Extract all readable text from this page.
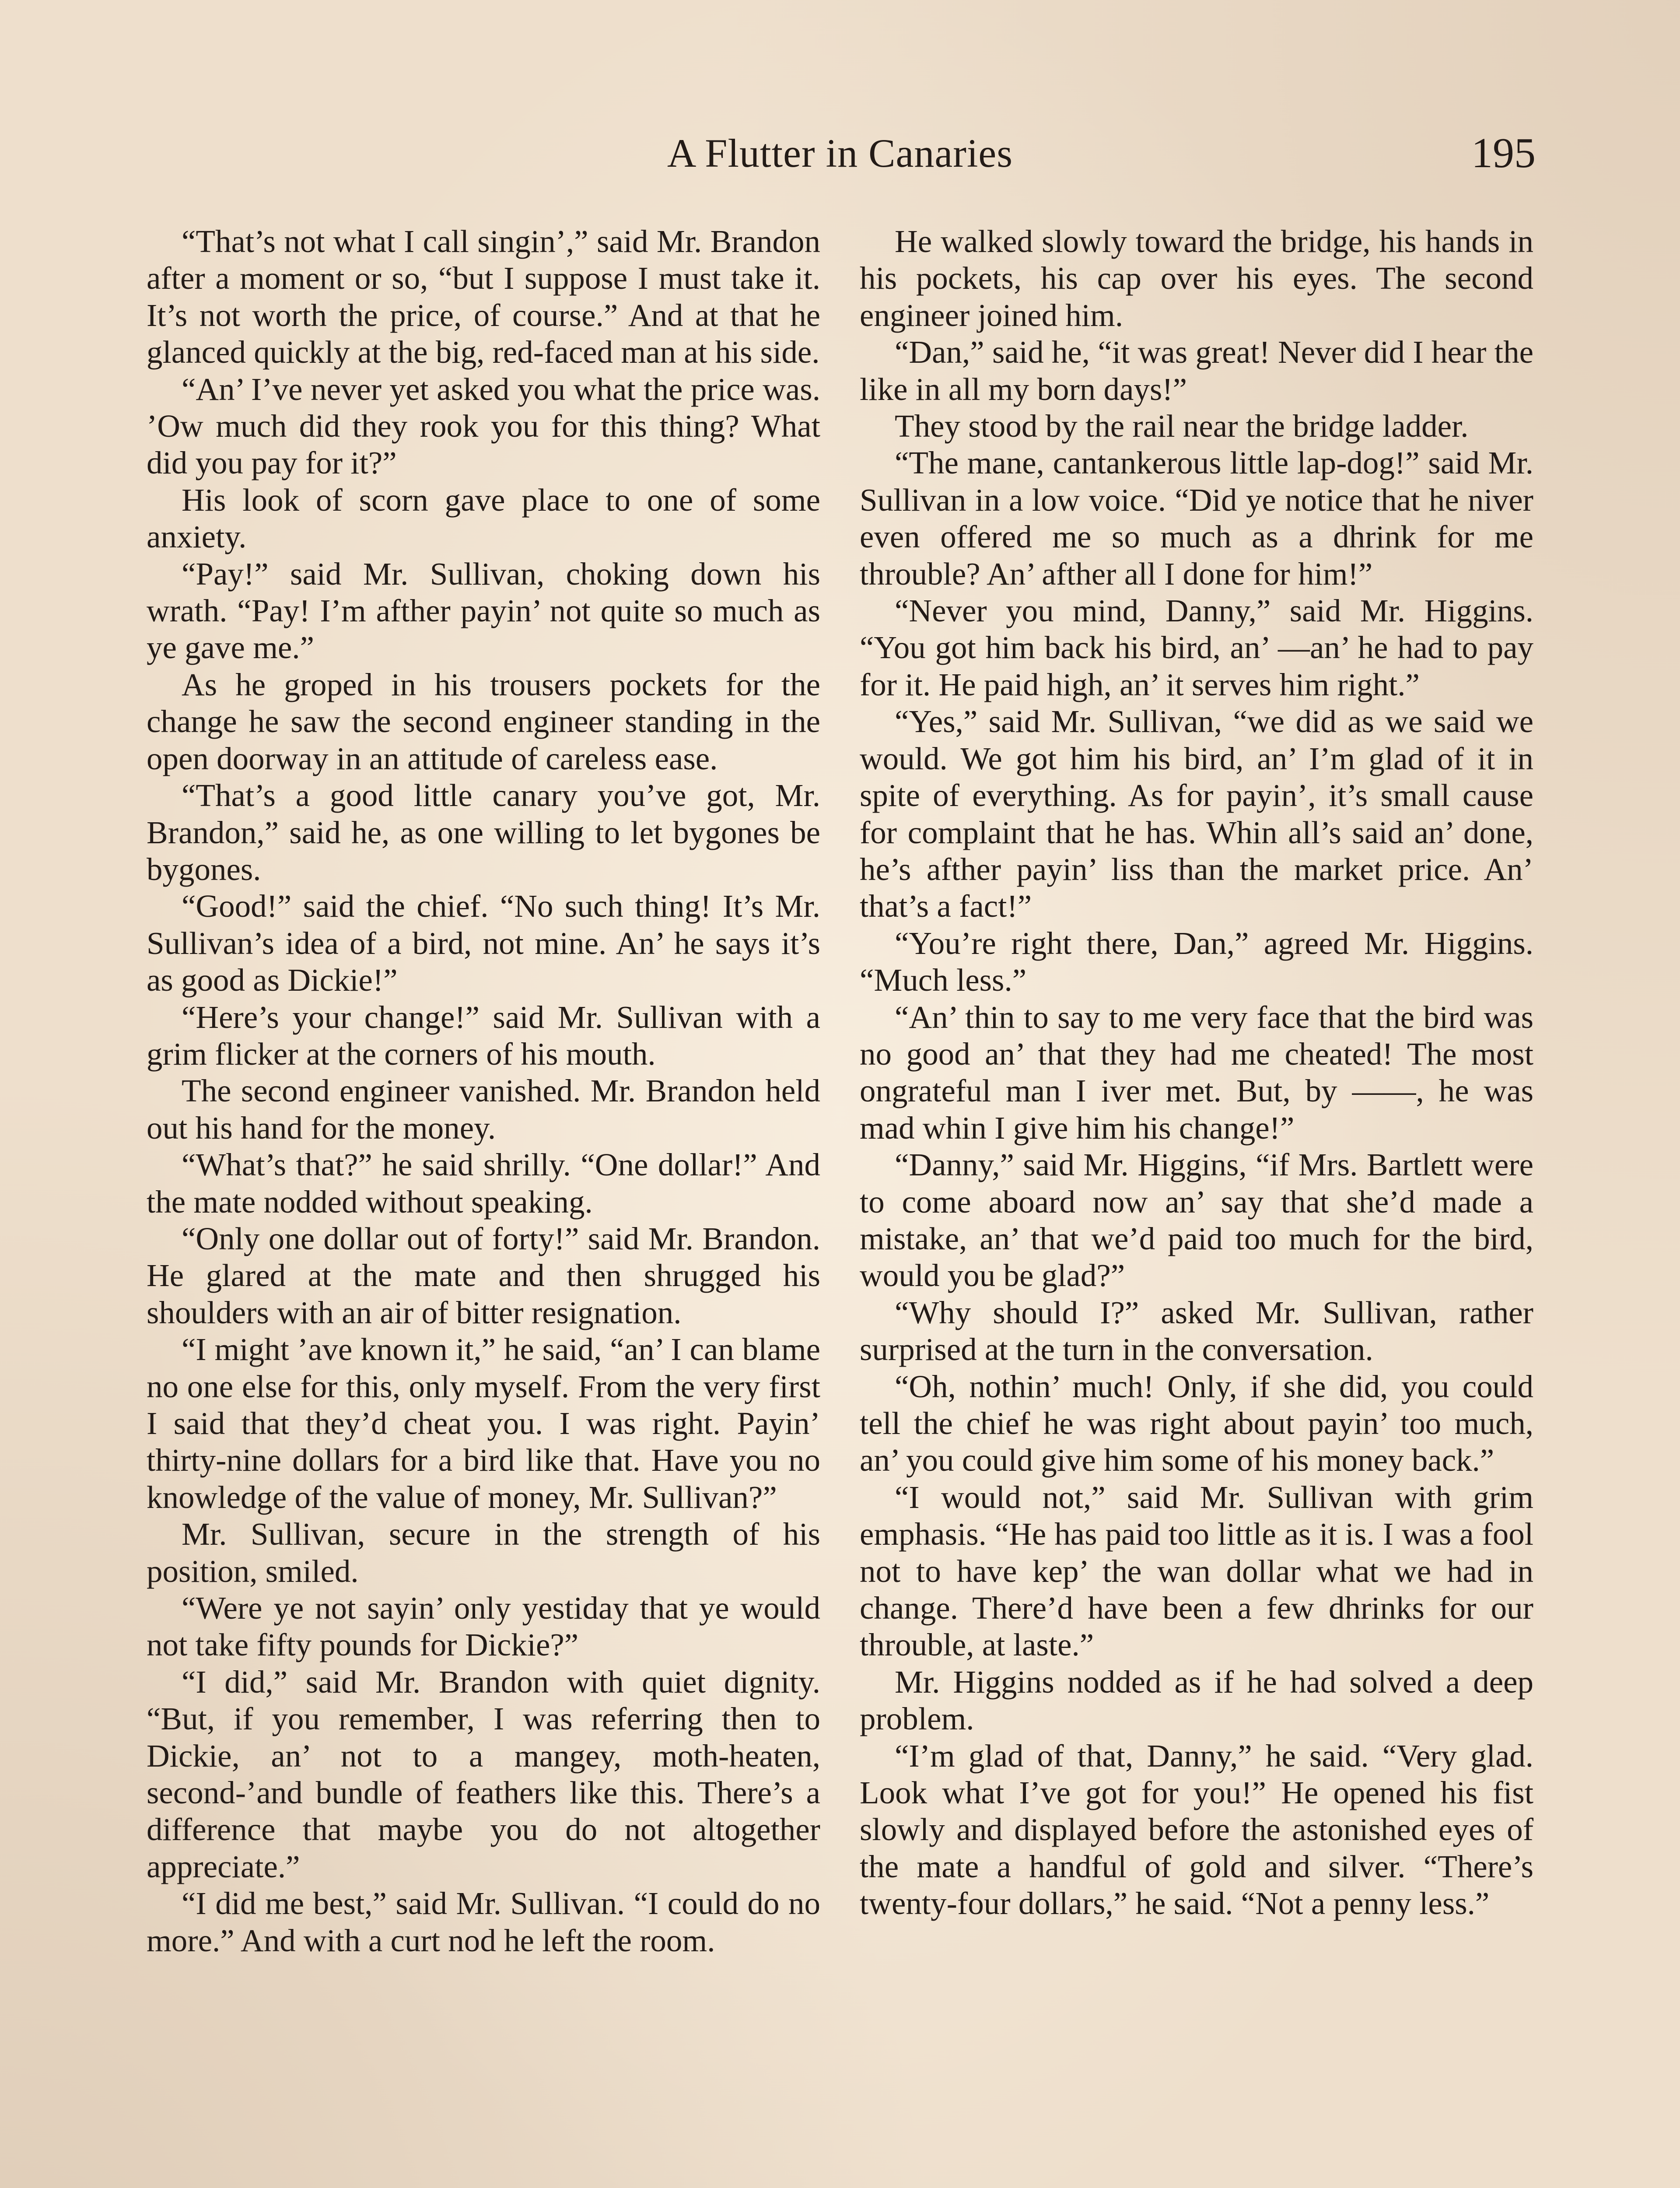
A Flutter in Canaries	195

“That’s not what I call singin’,” said Mr. Brandon after a moment or so, “but I suppose I must take it. It’s not worth the price, of course.” And at that he glanced quickly at the big, red-faced man at his side.

“An’ I’ve never yet asked you what the price was. ’Ow much did they rook you for this thing? What did you pay for it?”

His look of scorn gave place to one of some anxiety.

“Pay!” said Mr. Sullivan, choking down his wrath. “Pay! I’m afther payin’ not quite so much as ye gave me.”

As he groped in his trousers pockets for the change he saw the second engineer standing in the open doorway in an attitude of careless ease.

“That’s a good little canary you’ve got, Mr. Brandon,” said he, as one willing to let bygones be bygones.

“Good!” said the chief. “No such thing! It’s Mr. Sullivan’s idea of a bird, not mine. An’ he says it’s as good as Dickie!”

“Here’s your change!” said Mr. Sullivan with a grim flicker at the corners of his mouth.

The second engineer vanished. Mr. Brandon held out his hand for the money.

“What’s that?” he said shrilly. “One dollar!” And the mate nodded without speaking.

“Only one dollar out of forty!” said Mr. Brandon. He glared at the mate and then shrugged his shoulders with an air of bitter resignation.

“I might ’ave known it,” he said, “an’ I can blame no one else for this, only myself. From the very first I said that they’d cheat you. I was right. Payin’ thirty-nine dollars for a bird like that. Have you no knowledge of the value of money, Mr. Sullivan?”

Mr. Sullivan, secure in the strength of his position, smiled.

“Were ye not sayin’ only yestiday that ye would not take fifty pounds for Dickie?”

“I did,” said Mr. Brandon with quiet dignity. “But, if you remember, I was referring then to Dickie, an’ not to a mangey, moth-heaten, second-’and bundle of feathers like this. There’s a difference that maybe you do not altogether appreciate.”

“I did me best,” said Mr. Sullivan. “I could do no more.” And with a curt nod he left the room.

He walked slowly toward the bridge, his hands in his pockets, his cap over his eyes. The second engineer joined him.

“Dan,” said he, “it was great! Never did I hear the like in all my born days!”

They stood by the rail near the bridge ladder.

“The mane, cantankerous little lap-dog!” said Mr. Sullivan in a low voice. “Did ye notice that he niver even offered me so much as a dhrink for me throuble? An’ afther all I done for him!”

“Never you mind, Danny,” said Mr. Higgins. “You got him back his bird, an’ —an’ he had to pay for it. He paid high, an’ it serves him right.”

“Yes,” said Mr. Sullivan, “we did as we said we would. We got him his bird, an’ I’m glad of it in spite of everything. As for payin’, it’s small cause for complaint that he has. Whin all’s said an’ done, he’s afther payin’ liss than the market price. An’ that’s a fact!”

“You’re right there, Dan,” agreed Mr. Higgins. “Much less.”

“An’ thin to say to me very face that the bird was no good an’ that they had me cheated! The most ongrateful man I iver met. But, by ——, he was mad whin I give him his change!”

“Danny,” said Mr. Higgins, “if Mrs. Bartlett were to come aboard now an’ say that she’d made a mistake, an’ that we’d paid too much for the bird, would you be glad?”

“Why should I?” asked Mr. Sullivan, rather surprised at the turn in the conversation.

“Oh, nothin’ much! Only, if she did, you could tell the chief he was right about payin’ too much, an’ you could give him some of his money back.”

“I would not,” said Mr. Sullivan with grim emphasis. “He has paid too little as it is. I was a fool not to have kep’ the wan dollar what we had in change. There’d have been a few dhrinks for our throuble, at laste.”

Mr. Higgins nodded as if he had solved a deep problem.

“I’m glad of that, Danny,” he said. “Very glad. Look what I’ve got for you!” He opened his fist slowly and displayed before the astonished eyes of the mate a handful of gold and silver. “There’s twenty-four dollars,” he said. “Not a penny less.”
